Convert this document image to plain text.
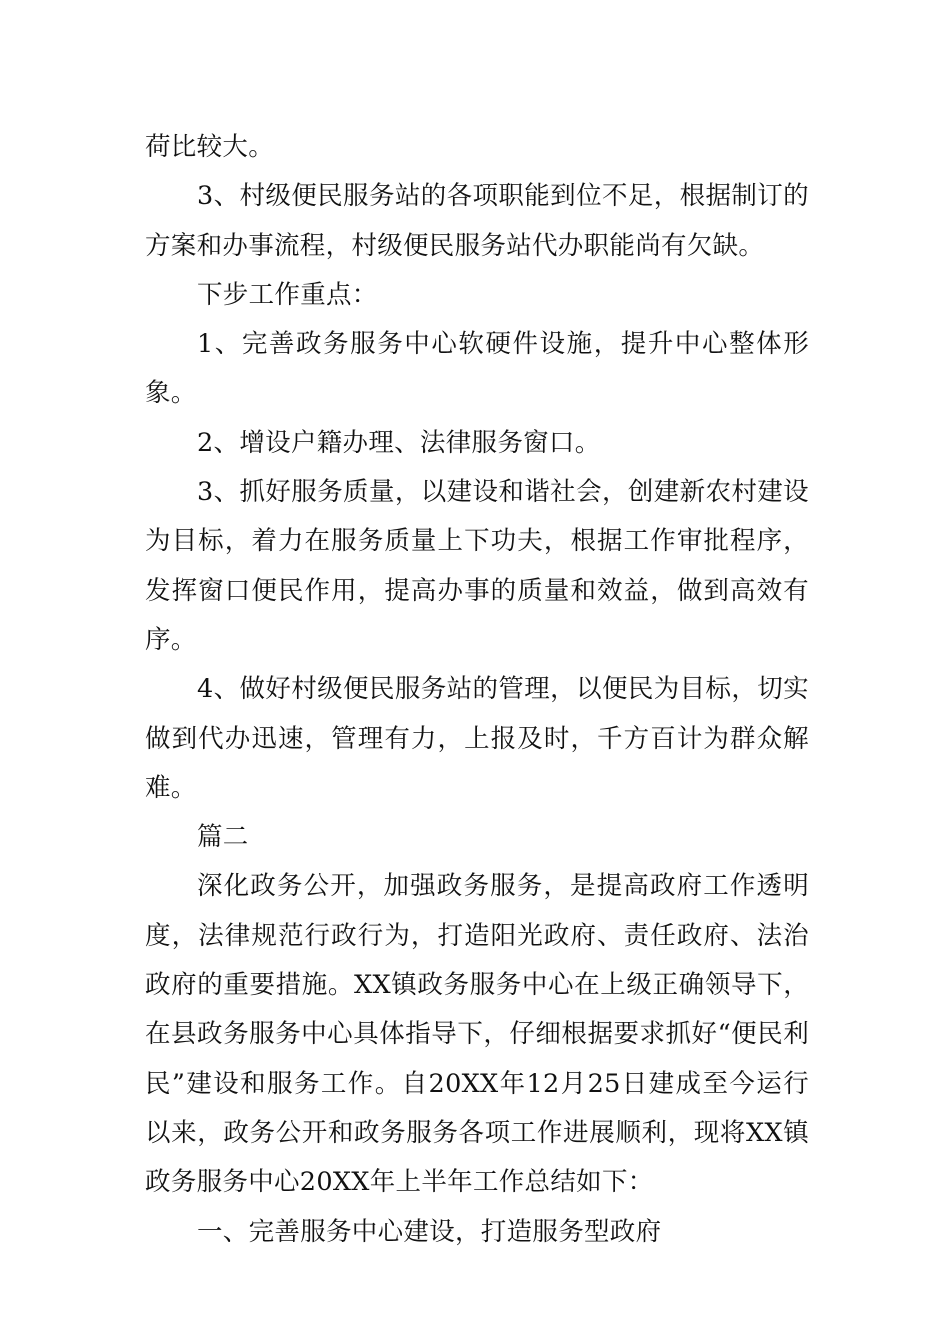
荷比较大。

3、村级便民服务站的各项职能到位不足，根据制订的方案和办事流程，村级便民服务站代办职能尚有欠缺。

下步工作重点：

1、完善政务服务中心软硬件设施，提升中心整体形象。

2、增设户籍办理、法律服务窗口。

3、抓好服务质量，以建设和谐社会，创建新农村建设为目标，着力在服务质量上下功夫，根据工作审批程序，发挥窗口便民作用，提高办事的质量和效益，做到高效有序。

4、做好村级便民服务站的管理，以便民为目标，切实做到代办迅速，管理有力，上报及时，千方百计为群众解难。

篇二

深化政务公开，加强政务服务，是提高政府工作透明度，法律规范行政行为，打造阳光政府、责任政府、法治政府的重要措施。XX镇政务服务中心在上级正确领导下，在县政务服务中心具体指导下，仔细根据要求抓好“便民利民”建设和服务工作。自20XX年12月25日建成至今运行以来，政务公开和政务服务各项工作进展顺利，现将XX镇政务服务中心20XX年上半年工作总结如下：

一、完善服务中心建设，打造服务型政府
